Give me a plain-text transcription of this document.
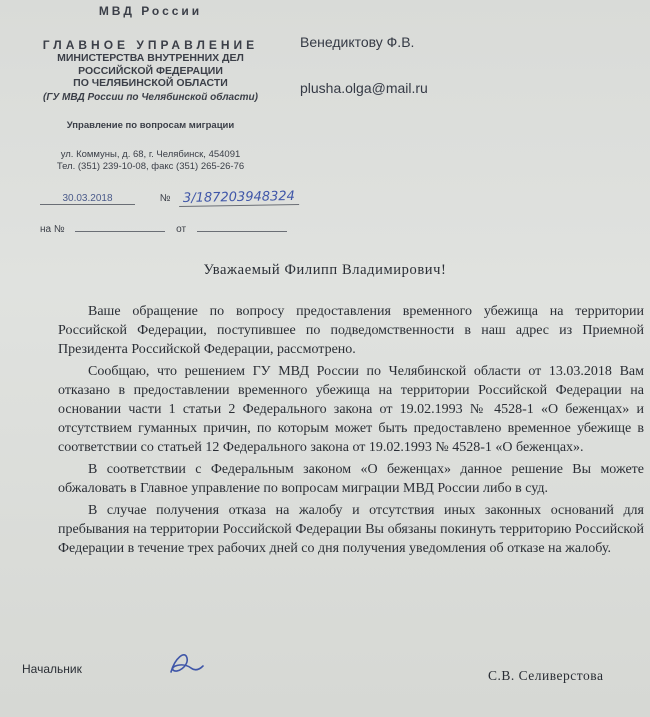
МВД России
ГЛАВНОЕ УПРАВЛЕНИЕ
МИНИСТЕРСТВА ВНУТРЕННИХ ДЕЛ
РОССИЙСКОЙ ФЕДЕРАЦИИ
ПО ЧЕЛЯБИНСКОЙ ОБЛАСТИ
(ГУ МВД России по Челябинской области)
Управление по вопросам миграции
ул. Коммуны, д. 68, г. Челябинск, 454091
Тел. (351) 239-10-08, факс (351) 265-26-76
30.03.2018	№ 3/187203948324
на №	от
Венедиктову Ф.В.
plusha.olga@mail.ru
Уважаемый Филипп Владимирович!

Ваше обращение по вопросу предоставления временного убежища на территории Российской Федерации, поступившее по подведомственности в наш адрес из Приемной Президента Российской Федерации, рассмотрено.

Сообщаю, что решением ГУ МВД России по Челябинской области от 13.03.2018 Вам отказано в предоставлении временного убежища на территории Российской Федерации на основании части 1 статьи 2 Федерального закона от 19.02.1993 № 4528-1 «О беженцах» и отсутствием гуманных причин, по которым может быть предоставлено временное убежище в соответствии со статьей 12 Федерального закона от 19.02.1993 № 4528-1 «О беженцах».

В соответствии с Федеральным законом «О беженцах» данное решение Вы можете обжаловать в Главное управление по вопросам миграции МВД России либо в суд.

В случае получения отказа на жалобу и отсутствия иных законных оснований для пребывания на территории Российской Федерации Вы обязаны покинуть территорию Российской Федерации в течение трех рабочих дней со дня получения уведомления об отказе на жалобу.

Начальник	С.В. Селиверстова
